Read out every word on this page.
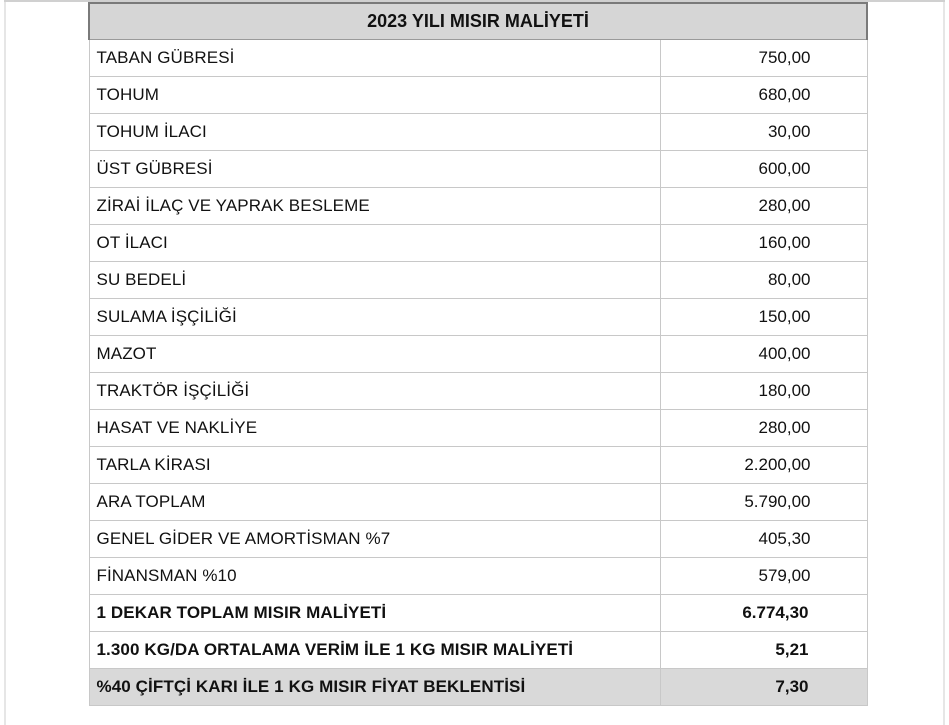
2023 YILI MISIR MALİYETİ	
TABAN GÜBRESİ	750,00
TOHUM	680,00
TOHUM İLACI	30,00
ÜST GÜBRESİ	600,00
ZİRAİ İLAÇ VE YAPRAK BESLEME	280,00
OT İLACI	160,00
SU BEDELİ	80,00
SULAMA İŞÇİLİĞİ	150,00
MAZOT	400,00
TRAKTÖR İŞÇİLİĞİ	180,00
HASAT VE NAKLİYE	280,00
TARLA KİRASI	2.200,00
ARA TOPLAM	5.790,00
GENEL GİDER VE AMORTİSMAN %7	405,30
FİNANSMAN %10	579,00
1 DEKAR TOPLAM MISIR MALİYETİ	6.774,30
1.300 KG/DA ORTALAMA VERİM İLE 1 KG MISIR MALİYETİ	5,21
%40 ÇİFTÇİ KARI İLE 1 KG MISIR FİYAT BEKLENTİSİ	7,30
